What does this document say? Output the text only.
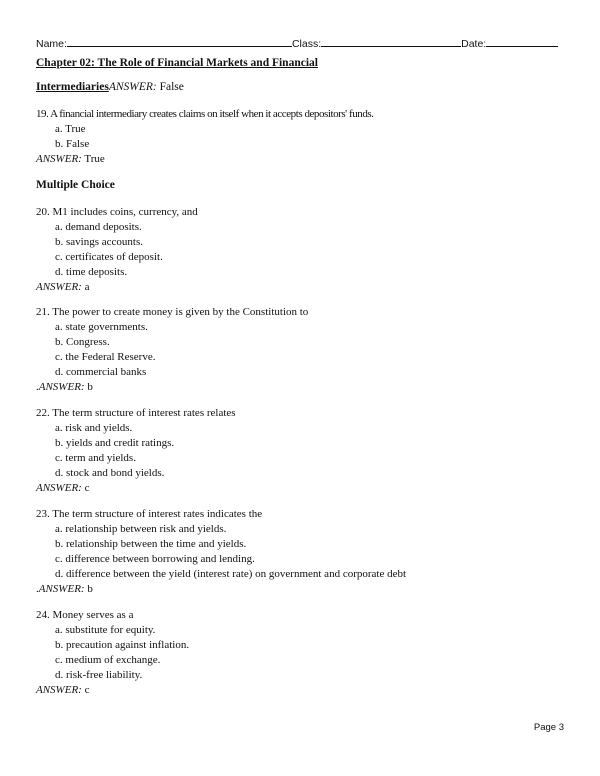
Name:	Class:	Date:
Chapter 02: The Role of Financial Markets and Financial
IntermediariesANSWER: False
19. A financial intermediary creates claims on itself when it accepts depositors' funds.
a. True
b. False
ANSWER: True
Multiple Choice
20. M1 includes coins, currency, and
a. demand deposits.
b. savings accounts.
c. certificates of deposit.
d. time deposits.
ANSWER: a
21. The power to create money is given by the Constitution to
a. state governments.
b. Congress.
c. the Federal Reserve.
d. commercial banks
.ANSWER: b
22. The term structure of interest rates relates
a. risk and yields.
b. yields and credit ratings.
c. term and yields.
d. stock and bond yields.
ANSWER: c
23. The term structure of interest rates indicates the
a. relationship between risk and yields.
b. relationship between the time and yields.
c. difference between borrowing and lending.
d. difference between the yield (interest rate) on government and corporate debt
.ANSWER: b
24. Money serves as a
a. substitute for equity.
b. precaution against inflation.
c. medium of exchange.
d. risk-free liability.
ANSWER: c
Page 3
